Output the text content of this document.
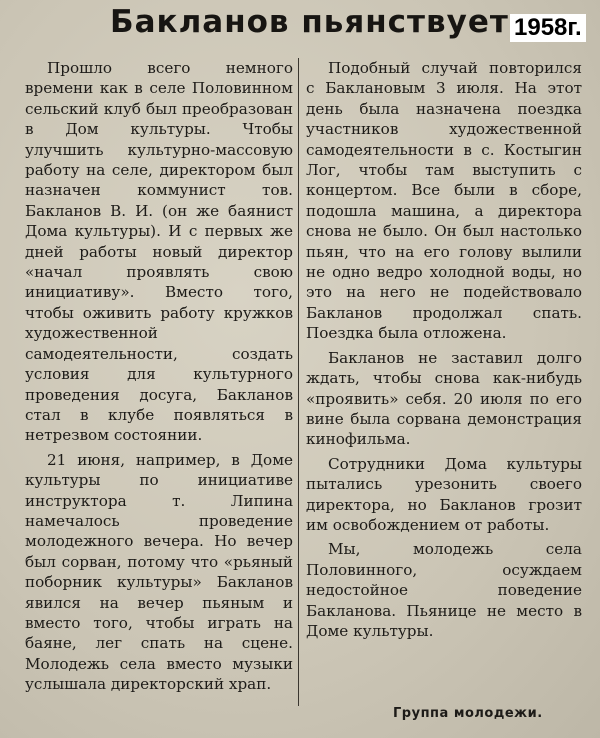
Бакланов пьянствует 1958г.

Прошло всего немного времени как в селе Половинном сельский клуб был преобразован в Дом культуры. Чтобы улучшить культурно-массовую работу на селе, директором был назначен коммунист тов. Бакланов В. И. (он же баянист Дома культуры). И с первых же дней работы новый директор «начал проявлять свою инициативу». Вместо того, чтобы оживить работу кружков художественной самодеятельности, создать условия для культурного проведения досуга, Бакланов стал в клубе появляться в нетрезвом состоянии.

21 июня, например, в Доме культуры по инициативе инструктора т. Липина намечалось проведение молодежного вечера. Но вечер был сорван, потому что «рьяный поборник культуры» Бакланов явился на вечер пьяным и вместо того, чтобы играть на баяне, лег спать на сцене. Молодежь села вместо музыки услышала директорский храп.

Подобный случай повторился с Баклановым 3 июля. На этот день была назначена поездка участников художественной самодеятельности в с. Костыгин Лог, чтобы там выступить с концертом. Все были в сборе, подошла машина, а директора снова не было. Он был настолько пьян, что на его голову вылили не одно ведро холодной воды, но это на него не подействовало Бакланов продолжал спать. Поездка была отложена.

Бакланов не заставил долго ждать, чтобы снова как-нибудь «проявить» себя. 20 июля по его вине была сорвана демонстрация кинофильма.

Сотрудники Дома культуры пытались урезонить своего директора, но Бакланов грозит им освобождением от работы.

Мы, молодежь села Половинного, осуждаем недостойное поведение Бакланова. Пьянице не место в Доме культуры.

Группа молодежи.
